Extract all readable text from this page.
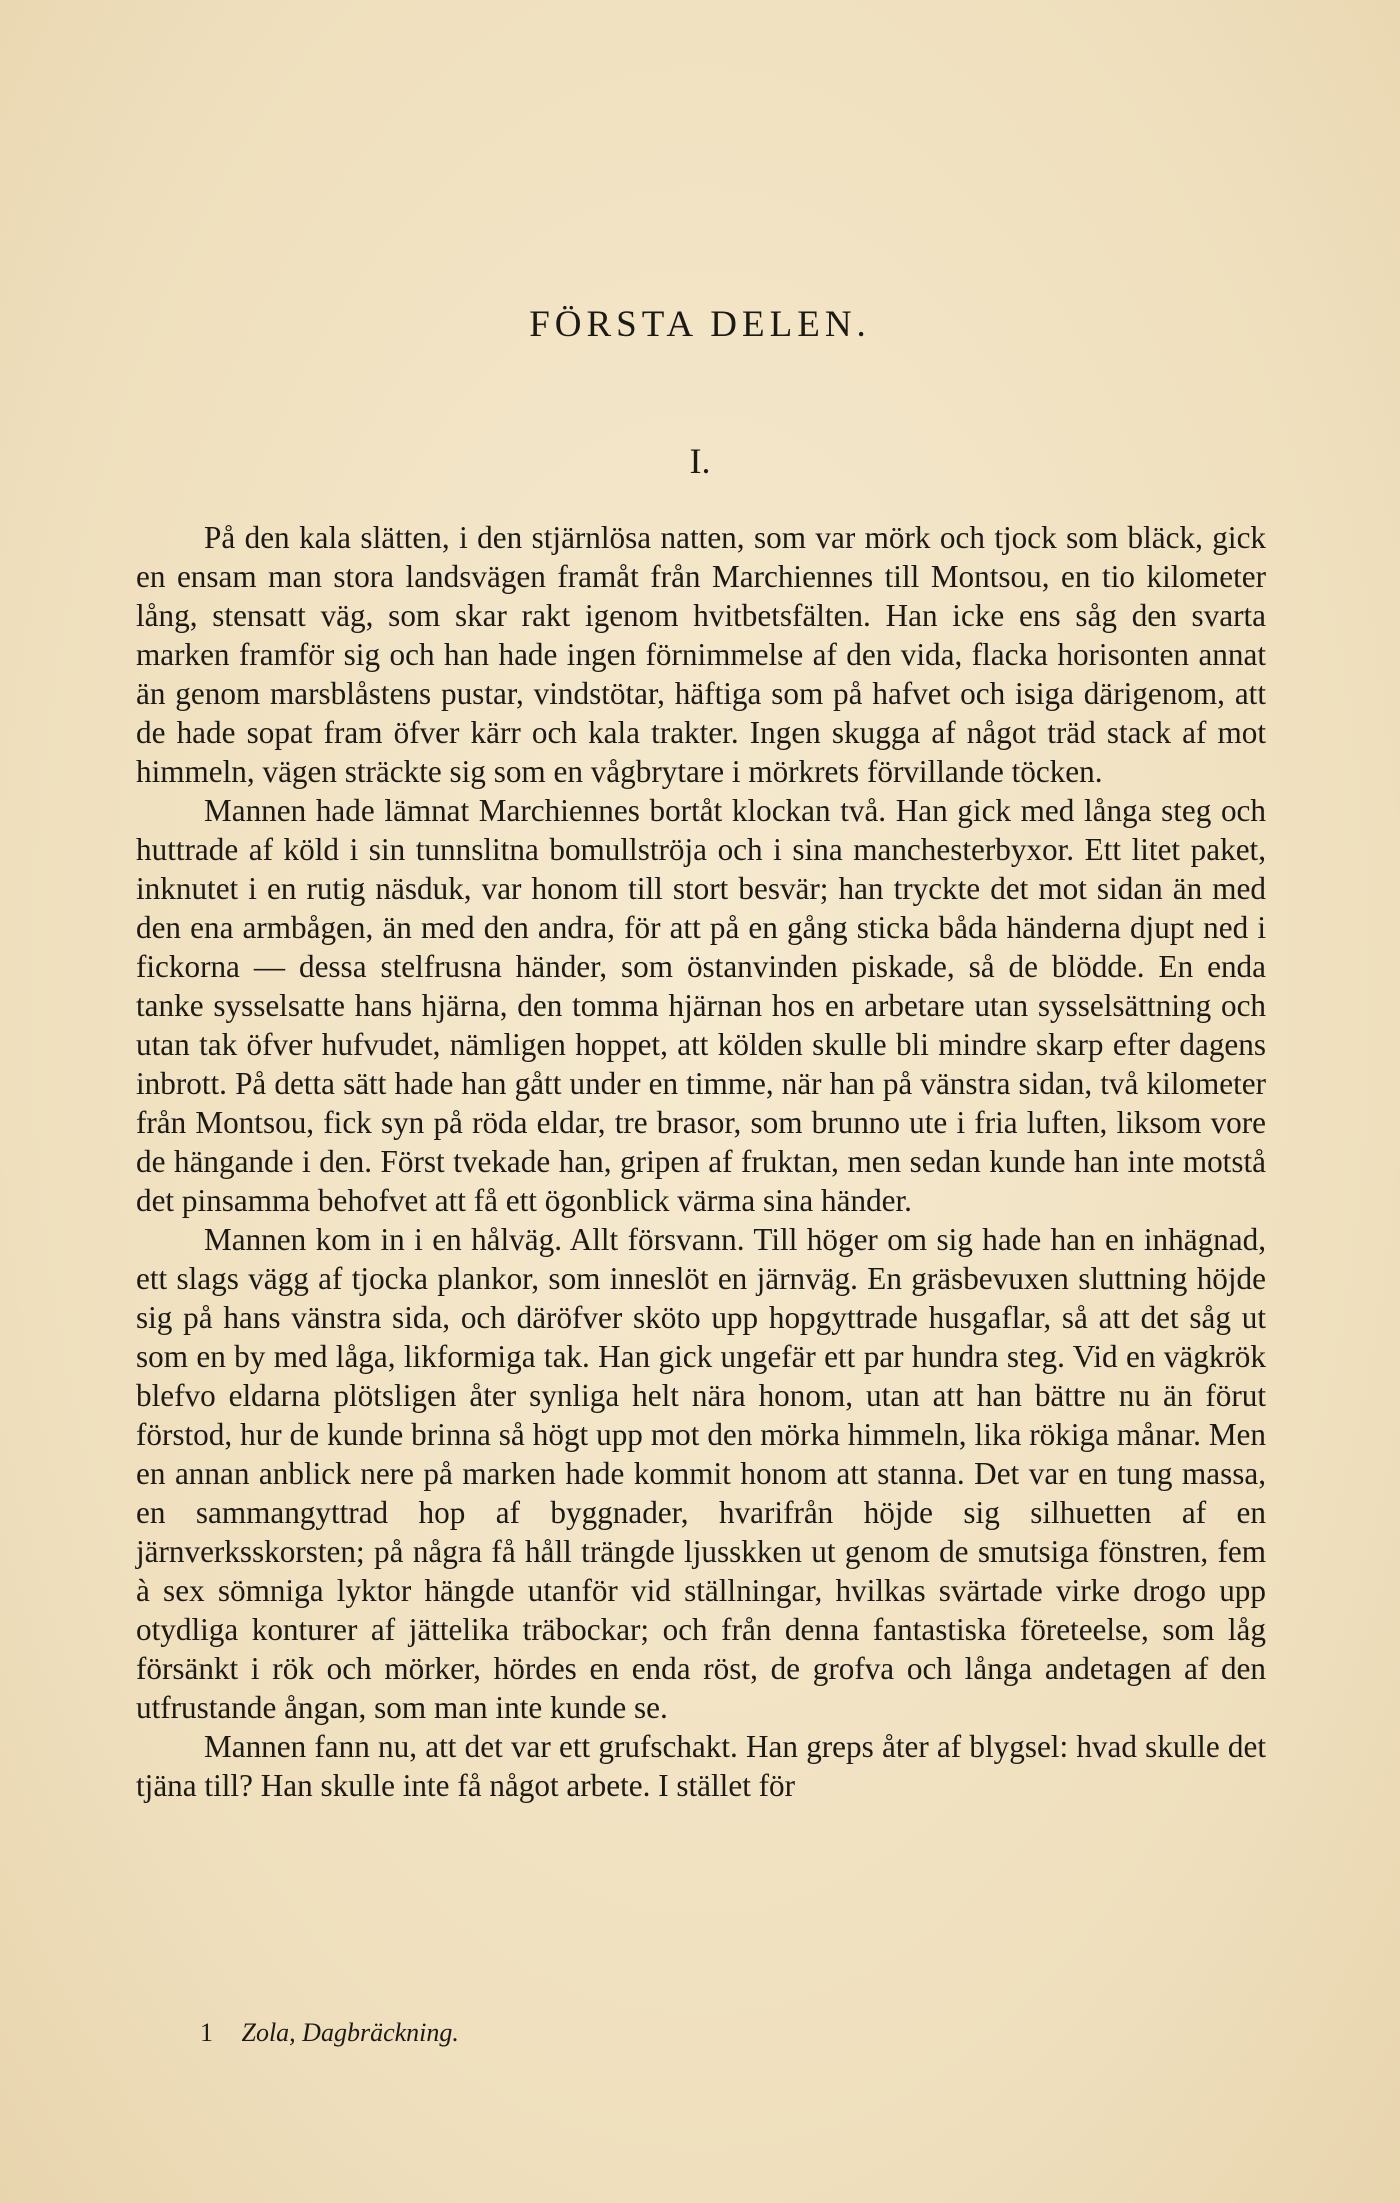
FÖRSTA DELEN.
I.

På den kala slätten, i den stjärnlösa natten, som var mörk och tjock som bläck, gick en ensam man stora landsvägen framåt från Marchiennes till Montsou, en tio kilometer lång, stensatt väg, som skar rakt igenom hvitbetsfälten. Han icke ens såg den svarta marken framför sig och han hade ingen förnimmelse af den vida, flacka horisonten annat än genom marsblåstens pustar, vindstötar, häftiga som på hafvet och isiga därigenom, att de hade sopat fram öfver kärr och kala trakter. Ingen skugga af något träd stack af mot himmeln, vägen sträckte sig som en vågbrytare i mörkrets förvillande töcken.

Mannen hade lämnat Marchiennes bortåt klockan två. Han gick med långa steg och huttrade af köld i sin tunnslitna bomullströja och i sina manchesterbyxor. Ett litet paket, inknutet i en rutig näsduk, var honom till stort besvär; han tryckte det mot sidan än med den ena armbågen, än med den andra, för att på en gång sticka båda händerna djupt ned i fickorna — dessa stelfrusna händer, som östanvinden piskade, så de blödde. En enda tanke sysselsatte hans hjärna, den tomma hjärnan hos en arbetare utan sysselsättning och utan tak öfver hufvudet, nämligen hoppet, att kölden skulle bli mindre skarp efter dagens inbrott. På detta sätt hade han gått under en timme, när han på vänstra sidan, två kilometer från Montsou, fick syn på röda eldar, tre brasor, som brunno ute i fria luften, liksom vore de hängande i den. Först tvekade han, gripen af fruktan, men sedan kunde han inte motstå det pinsamma behofvet att få ett ögonblick värma sina händer.

Mannen kom in i en hålväg. Allt försvann. Till höger om sig hade han en inhägnad, ett slags vägg af tjocka plankor, som inneslöt en järnväg. En gräsbevuxen sluttning höjde sig på hans vänstra sida, och däröfver sköto upp hopgyttrade husgaflar, så att det såg ut som en by med låga, likformiga tak. Han gick ungefär ett par hundra steg. Vid en vägkrök blefvo eldarna plötsligen åter synliga helt nära honom, utan att han bättre nu än förut förstod, hur de kunde brinna så högt upp mot den mörka himmeln, lika rökiga månar. Men en annan anblick nere på marken hade kommit honom att stanna. Det var en tung massa, en sammangyttrad hop af byggnader, hvarifrån höjde sig silhuetten af en järnverksskorsten; på några få håll trängde ljusskken ut genom de smutsiga fönstren, fem à sex sömniga lyktor hängde utanför vid ställningar, hvilkas svärtade virke drogo upp otydliga konturer af jättelika träbockar; och från denna fantastiska företeelse, som låg försänkt i rök och mörker, hördes en enda röst, de grofva och långa andetagen af den utfrustande ångan, som man inte kunde se.

Mannen fann nu, att det var ett grufschakt. Han greps åter af blygsel: hvad skulle det tjäna till? Han skulle inte få något arbete. I stället för

1 Zola, Dagbräckning.
